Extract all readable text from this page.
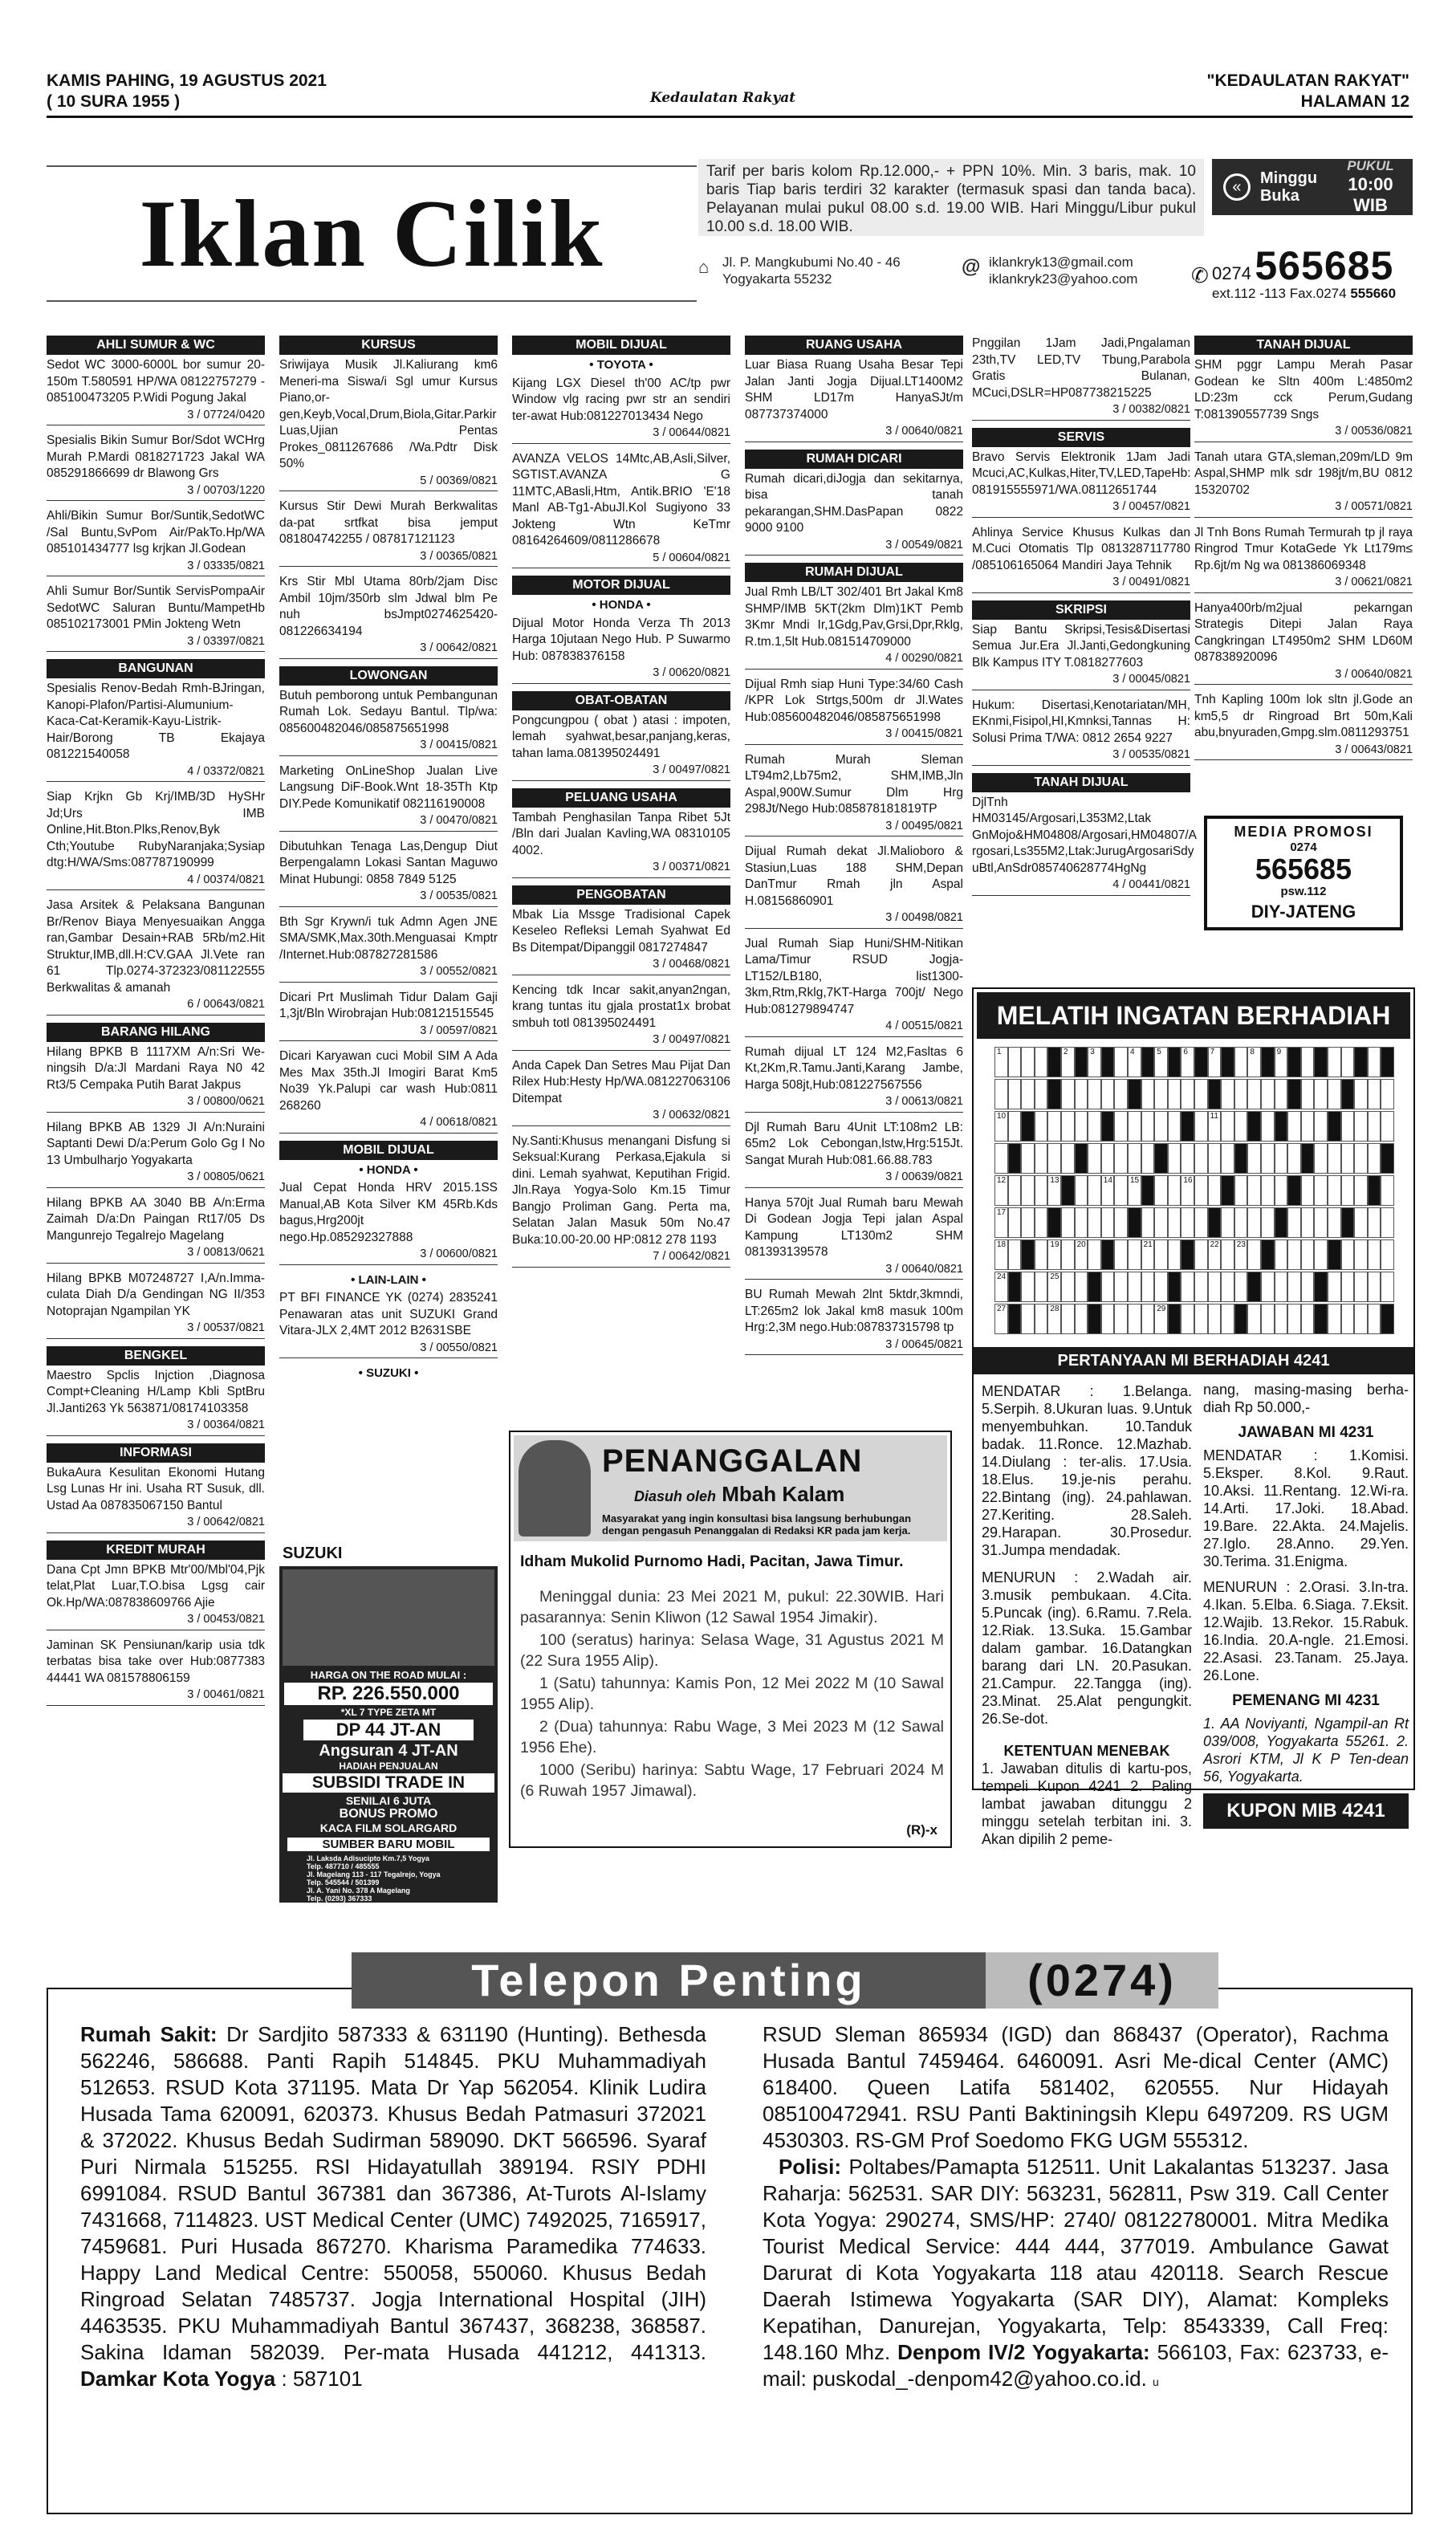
KAMIS PAHING, 19 AGUSTUS 2021
( 10 SURA 1955 )	Kedaulatan Rakyat
"KEDAULATAN RAKYAT"
HALAMAN 12
Iklan Cilik
Tarif per baris kolom Rp.12.000,- + PPN 10%. Min. 3 baris, mak. 10 baris Tiap baris terdiri 32 karakter (termasuk spasi dan tanda baca). Pelayanan mulai pukul 08.00 s.d. 19.00 WIB. Hari Minggu/Libur pukul 10.00 s.d. 18.00 WIB.
«	Minggu
Buka
PUKUL
10:00 WIB
⌂ Jl. P. Mangkubumi No.40 - 46
Yogyakarta 55232
@ iklankryk13@gmail.com
iklankryk23@yahoo.com	✆ 0274 565685
ext.112 -113 Fax.0274 555660
AHLI SUMUR & WC

Sedot WC 3000-6000L bor sumur 20-150m T.580591 HP/WA 08122757279 - 085100473205 P.Widi Pogung Jakal

3 / 07724/0420

Spesialis Bikin Sumur Bor/Sdot WCHrg Murah P.Mardi 0818271723 Jakal WA 085291866699 dr Blawong Grs

3 / 00703/1220

Ahli/Bikin Sumur Bor/Suntik,SedotWC /Sal Buntu,SvPom Air/PakTo.Hp/WA 085101434777 lsg krjkan Jl.Godean

3 / 03335/0821

Ahli Sumur Bor/Suntik ServisPompaAir SedotWC Saluran Buntu/MampetHb 085102173001 PMin Jokteng Wetn

3 / 03397/0821
BANGUNAN

Spesialis Renov-Bedah Rmh-BJringan, Kanopi-Plafon/Partisi-Alumunium-Kaca-Cat-Keramik-Kayu-Listrik-Hair/Borong TB Ekajaya 081221540058

4 / 03372/0821

Siap Krjkn Gb Krj/IMB/3D HySHr Jd;Urs IMB Online,Hit.Bton.Plks,Renov,Byk Cth;Youtube RubyNaranjaka;Sysiap dtg:H/WA/Sms:087787190999

4 / 00374/0821

Jasa Arsitek & Pelaksana Bangunan Br/Renov Biaya Menyesuaikan Angga ran,Gambar Desain+RAB 5Rb/m2.Hit Struktur,IMB,dll.H:CV.GAA Jl.Vete ran 61 Tlp.0274-372323/081122555 Berkwalitas & amanah

6 / 00643/0821
BARANG HILANG

Hilang BPKB B 1117XM A/n:Sri We-ningsih D/a:Jl Mardani Raya N0 42 Rt3/5 Cempaka Putih Barat Jakpus

3 / 00800/0621

Hilang BPKB AB 1329 JI A/n:Nuraini Saptanti Dewi D/a:Perum Golo Gg I No 13 Umbulharjo Yogyakarta

3 / 00805/0621

Hilang BPKB AA 3040 BB A/n:Erma Zaimah D/a:Dn Paingan Rt17/05 Ds Mangunrejo Tegalrejo Magelang

3 / 00813/0621

Hilang BPKB M07248727 I,A/n.Imma-culata Diah D/a Gendingan NG II/353 Notoprajan Ngampilan YK

3 / 00537/0821
BENGKEL

Maestro Spclis Injction ,Diagnosa Compt+Cleaning H/Lamp Kbli SptBru Jl.Janti263 Yk 563871/08174103358

3 / 00364/0821
INFORMASI

BukaAura Kesulitan Ekonomi Hutang Lsg Lunas Hr ini. Usaha RT Susuk, dll. Ustad Aa 087835067150 Bantul

3 / 00642/0821
KREDIT MURAH

Dana Cpt Jmn BPKB Mtr'00/Mbl'04,Pjk telat,Plat Luar,T.O.bisa Lgsg cair Ok.Hp/WA:087838609766 Ajie

3 / 00453/0821

Jaminan SK Pensiunan/karip usia tdk terbatas bisa take over Hub:0877383 44441 WA 081578806159

3 / 00461/0821
KURSUS

Sriwijaya Musik Jl.Kaliurang km6 Meneri-ma Siswa/i Sgl umur Kursus Piano,or-gen,Keyb,Vocal,Drum,Biola,Gitar.Parkir Luas,Ujian Pentas Prokes_0811267686 /Wa.Pdtr Disk 50%

5 / 00369/0821

Kursus Stir Dewi Murah Berkwalitas da-pat srtfkat bisa jemput 081804742255 / 087817121123

3 / 00365/0821

Krs Stir Mbl Utama 80rb/2jam Disc Ambil 10jm/350rb slm Jdwal blm Pe nuh bsJmpt0274625420-081226634194

3 / 00642/0821
LOWONGAN

Butuh pemborong untuk Pembangunan Rumah Lok. Sedayu Bantul. Tlp/wa: 085600482046/085875651998

3 / 00415/0821

Marketing OnLineShop Jualan Live Langsung DiF-Book.Wnt 18-35Th Ktp DIY.Pede Komunikatif 082116190008

3 / 00470/0821

Dibutuhkan Tenaga Las,Dengup Diut Berpengalamn Lokasi Santan Maguwo Minat Hubungi: 0858 7849 5125

3 / 00535/0821

Bth Sgr Krywn/i tuk Admn Agen JNE SMA/SMK,Max.30th.Menguasai Kmptr /Internet.Hub:087827281586

3 / 00552/0821

Dicari Prt Muslimah Tidur Dalam Gaji 1,3jt/Bln Wirobrajan Hub:08121515545

3 / 00597/0821

Dicari Karyawan cuci Mobil SIM A Ada Mes Max 35th.Jl Imogiri Barat Km5 No39 Yk.Palupi car wash Hub:0811 268260

4 / 00618/0821
MOBIL DIJUAL
• HONDA •

Jual Cepat Honda HRV 2015.1SS Manual,AB Kota Silver KM 45Rb.Kds bagus,Hrg200jt nego.Hp.085292327888

3 / 00600/0821
• LAIN-LAIN •

PT BFI FINANCE YK (0274) 2835241 Penawaran atas unit SUZUKI Grand Vitara-JLX 2,4MT 2012 B2631SBE

3 / 00550/0821
• SUZUKI •
MOBIL DIJUAL
• TOYOTA •

Kijang LGX Diesel th'00 AC/tp pwr Window vlg racing pwr str an sendiri ter-awat Hub:081227013434 Nego

3 / 00644/0821

AVANZA VELOS 14Mtc,AB,Asli,Silver, SGTIST.AVANZA G 11MTC,ABasli,Htm, Antik.BRIO 'E'18 Manl AB-Tg1-AbuJl.Kol Sugiyono 33 Jokteng Wtn KeTmr 08164264609/0811286678

5 / 00604/0821
MOTOR DIJUAL
• HONDA •

Dijual Motor Honda Verza Th 2013 Harga 10jutaan Nego Hub. P Suwarmo Hub: 087838376158

3 / 00620/0821
OBAT-OBATAN

Pongcungpou ( obat ) atasi : impoten, lemah syahwat,besar,panjang,keras, tahan lama.081395024491

3 / 00497/0821
PELUANG USAHA

Tambah Penghasilan Tanpa Ribet 5Jt /Bln dari Jualan Kavling,WA 08310105 4002.

3 / 00371/0821
PENGOBATAN

Mbak Lia Mssge Tradisional Capek Keseleo Refleksi Lemah Syahwat Ed Bs Ditempat/Dipanggil 0817274847

3 / 00468/0821

Kencing tdk Incar sakit,anyan2ngan, krang tuntas itu gjala prostat1x brobat smbuh totl 081395024491

3 / 00497/0821

Anda Capek Dan Setres Mau Pijat Dan Rilex Hub:Hesty Hp/WA.081227063106 Ditempat

3 / 00632/0821

Ny.Santi:Khusus menangani Disfung si Seksual:Kurang Perkasa,Ejakula si dini. Lemah syahwat, Keputihan Frigid. Jln.Raya Yogya-Solo Km.15 Timur Bangjo Proliman Gang. Perta ma, Selatan Jalan Masuk 50m No.47 Buka:10.00-20.00 HP:0812 278 1193

7 / 00642/0821
RUANG USAHA

Luar Biasa Ruang Usaha Besar Tepi Jalan Janti Jogja Dijual.LT1400M2 SHM LD17m HanyaSJt/m 087737374000

3 / 00640/0821
RUMAH DICARI

Rumah dicari,diJogja dan sekitarnya, bisa tanah pekarangan,SHM.DasPapan 0822 9000 9100

3 / 00549/0821
RUMAH DIJUAL

Jual Rmh LB/LT 302/401 Brt Jakal Km8 SHMP/IMB 5KT(2km Dlm)1KT Pemb 3Kmr Mndi Ir,1Gdg,Pav,Grsi,Dpr,Rklg, R.tm.1,5lt Hub.081514709000

4 / 00290/0821

Dijual Rmh siap Huni Type:34/60 Cash /KPR Lok Strtgs,500m dr Jl.Wates Hub:085600482046/085875651998

3 / 00415/0821

Rumah Murah Sleman LT94m2,Lb75m2, SHM,IMB,Jln Aspal,900W.Sumur Dlm Hrg 298Jt/Nego Hub:085878181819TP

3 / 00495/0821

Dijual Rumah dekat Jl.Malioboro & Stasiun,Luas 188 SHM,Depan DanTmur Rmah jln Aspal H.08156860901

3 / 00498/0821

Jual Rumah Siap Huni/SHM-Nitikan Lama/Timur RSUD Jogja-LT152/LB180, list1300-3km,Rtm,Rklg,7KT-Harga 700jt/ Nego Hub:081279894747

4 / 00515/0821

Rumah dijual LT 124 M2,Fasltas 6 Kt,2Km,R.Tamu.Janti,Karang Jambe, Harga 508jt,Hub:081227567556

3 / 00613/0821

Djl Rumah Baru 4Unit LT:108m2 LB: 65m2 Lok Cebongan,lstw,Hrg:515Jt. Sangat Murah Hub:081.66.88.783

3 / 00639/0821

Hanya 570jt Jual Rumah baru Mewah Di Godean Jogja Tepi jalan Aspal Kampung LT130m2 SHM 081393139578

3 / 00640/0821

BU Rumah Mewah 2lnt 5ktdr,3kmndi, LT:265m2 lok Jakal km8 masuk 100m Hrg:2,3M nego.Hub:087837315798 tp

3 / 00645/0821

Pnggilan 1Jam Jadi,Pngalaman 23th,TV LED,TV Tbung,Parabola Gratis Bulanan, MCuci,DSLR=HP087738215225

3 / 00382/0821
SERVIS

Bravo Servis Elektronik 1Jam Jadi Mcuci,AC,Kulkas,Hiter,TV,LED,TapeHb: 081915555971/WA.08112651744

3 / 00457/0821

Ahlinya Service Khusus Kulkas dan M.Cuci Otomatis Tlp 0813287117780 /085106165064 Mandiri Jaya Tehnik

3 / 00491/0821
SKRIPSI

Siap Bantu Skripsi,Tesis&Disertasi Semua Jur.Era Jl.Janti,Gedongkuning Blk Kampus ITY T.0818277603

3 / 00045/0821

Hukum: Disertasi,Kenotariatan/MH, EKnmi,Fisipol,HI,Kmnksi,Tannas H: Solusi Prima T/WA: 0812 2654 9227

3 / 00535/0821
TANAH DIJUAL

DjlTnh HM03145/Argosari,L353M2,Ltak GnMojo&HM04808/Argosari,HM04807/A rgosari,Ls355M2,Ltak:JurugArgosariSdy uBtl,AnSdr085740628774HgNg

4 / 00441/0821
TANAH DIJUAL

SHM pggr Lampu Merah Pasar Godean ke Sltn 400m L:4850m2 LD:23m cck Perum,Gudang T:081390557739 Sngs

3 / 00536/0821

Tanah utara GTA,sleman,209m/LD 9m Aspal,SHMP mlk sdr 198jt/m,BU 0812 15320702

3 / 00571/0821

Jl Tnh Bons Rumah Termurah tp jl raya Ringrod Tmur KotaGede Yk Lt179m≤ Rp.6jt/m Ng wa 081386069348

3 / 00621/0821

Hanya400rb/m2jual pekarngan Strategis Ditepi Jalan Raya Cangkringan LT4950m2 SHM LD60M 087838920096

3 / 00640/0821

Tnh Kapling 100m lok sltn jl.Gode an km5,5 dr Ringroad Brt 50m,Kali abu,bnyuraden,Gmpg.slm.0811293751

3 / 00643/0821
MEDIA PROMOSI
0274
565685
psw.112
DIY-JATENG
SUZUKI
HARGA ON THE ROAD MULAI :
RP. 226.550.000
*XL 7 TYPE ZETA MT
DP 44 JT-AN
Angsuran 4 JT-AN
HADIAH PENJUALAN
SUBSIDI TRADE IN
SENILAI 6 JUTA
BONUS PROMO
KACA FILM SOLARGARD
SUMBER BARU MOBIL
Jl. Laksda Adisucipto Km.7,5 Yogya
Telp. 487710 / 485555
Jl. Magelang 113 - 117 Tegalrejo, Yogya
Telp. 545544 / 501399
Jl. A. Yani No. 378 A Magelang
Telp. (0293) 367333
Jl. Gerilya Timur No. 23 Purwokerto
Telp. (0281) 6579777
PENANGGALAN
Diasuh oleh Mbah Kalam
Masyarakat yang ingin konsultasi bisa langsung berhubungan dengan pengasuh Penanggalan di Redaksi KR pada jam kerja.
Idham Mukolid Purnomo Hadi, Pacitan, Jawa Timur.

Meninggal dunia: 23 Mei 2021 M, pukul: 22.30WIB. Hari pasarannya: Senin Kliwon (12 Sawal 1954 Jimakir).

100 (seratus) harinya: Selasa Wage, 31 Agustus 2021 M (22 Sura 1955 Alip).

1 (Satu) tahunnya: Kamis Pon, 12 Mei 2022 M (10 Sawal 1955 Alip).

2 (Dua) tahunnya: Rabu Wage, 3 Mei 2023 M (12 Sawal 1956 Ehe).

1000 (Seribu) harinya: Sabtu Wage, 17 Februari 2024 M (6 Ruwah 1957 Jimawal).

(R)-x
MELATIH INGATAN BERHADIAH
1	2	3	4	5	6	7	8	9
10	11
12	13	14 15	16
17
18	19 20	21	22 23
24	25	26
27	28	29
PERTANYAAN MI BERHADIAH 4241
MENDATAR : 1.Belanga. 5.Serpih. 8.Ukuran luas. 9.Untuk menyembuhkan. 10.Tanduk badak. 11.Ronce. 12.Mazhab. 14.Diulang : ter-alis. 17.Usia. 18.Elus. 19.je-nis perahu. 22.Bintang (ing). 24.pahlawan. 27.Keriting. 28.Saleh. 29.Harapan. 30.Prosedur. 31.Jumpa mendadak.
MENURUN : 2.Wadah air. 3.musik pembukaan. 4.Cita. 5.Puncak (ing). 6.Ramu. 7.Rela. 12.Riak. 13.Suka. 15.Gambar dalam gambar. 16.Datangkan barang dari LN. 20.Pasukan. 21.Campur. 22.Tangga (ing). 23.Minat. 25.Alat pengungkit. 26.Se-dot.
KETENTUAN MENEBAK
1. Jawaban ditulis di kartu-pos, tempeli Kupon 4241 2. Paling lambat jawaban ditunggu 2 minggu setelah terbitan ini. 3. Akan dipilih 2 peme-
nang, masing-masing berha-diah Rp 50.000,-
JAWABAN MI 4231
MENDATAR : 1.Komisi. 5.Eksper. 8.Kol. 9.Raut. 10.Aksi. 11.Rentang. 12.Wi-ra. 14.Arti. 17.Joki. 18.Abad. 19.Bare. 22.Akta. 24.Majelis. 27.Iglo. 28.Anno. 29.Yen. 30.Terima. 31.Enigma.
MENURUN : 2.Orasi. 3.In-tra. 4.Ikan. 5.Elba. 6.Siaga. 7.Eksit. 12.Wajib. 13.Rekor. 15.Rabuk. 16.India. 20.A-ngle. 21.Emosi. 22.Asasi. 23.Tanam. 25.Jaya. 26.Lone.
PEMENANG MI 4231
1. AA Noviyanti, Ngampil-an Rt 039/008, Yogyakarta 55261. 2. Asrori KTM, Jl K P Ten-dean 56, Yogyakarta.
KUPON MIB 4241
Rumah Sakit: Dr Sardjito 587333 & 631190 (Hunting). Bethesda 562246, 586688. Panti Rapih 514845. PKU Muhammadiyah 512653. RSUD Kota 371195. Mata Dr Yap 562054. Klinik Ludira Husada Tama 620091, 620373. Khusus Bedah Patmasuri 372021 & 372022. Khusus Bedah Sudirman 589090. DKT 566596. Syaraf Puri Nirmala 515255. RSI Hidayatullah 389194. RSIY PDHI 6991084. RSUD Bantul 367381 dan 367386, At-Turots Al-Islamy 7431668, 7114823. UST Medical Center (UMC) 7492025, 7165917, 7459681. Puri Husada 867270. Kharisma Paramedika 774633. Happy Land Medical Centre: 550058, 550060. Khusus Bedah Ringroad Selatan 7485737. Jogja International Hospital (JIH) 4463535. PKU Muhammadiyah Bantul 367437, 368238, 368587. Sakina Idaman 582039. Per-mata Husada 441212, 441313. Damkar Kota Yogya : 587101
RSUD Sleman 865934 (IGD) dan 868437 (Operator), Rachma Husada Bantul 7459464. 6460091. Asri Me-dical Center (AMC) 618400. Queen Latifa 581402, 620555. Nur Hidayah 085100472941. RSU Panti Baktiningsih Klepu 6497209. RS UGM 4530303. RS-GM Prof Soedomo FKG UGM 555312.
Polisi: Poltabes/Pamapta 512511. Unit Lakalantas 513237. Jasa Raharja: 562531. SAR DIY: 563231, 562811, Psw 319. Call Center Kota Yogya: 290274, SMS/HP: 2740/ 08122780001. Mitra Medika Tourist Medical Service: 444 444, 377019. Ambulance Gawat Darurat di Kota Yogyakarta 118 atau 420118. Search Rescue Daerah Istimewa Yogyakarta (SAR DIY), Alamat: Kompleks Kepatihan, Danurejan, Yogyakarta, Telp: 8543339, Call Freq: 148.160 Mhz. Denpom IV/2 Yogyakarta: 566103, Fax: 623733, e-mail: puskodal_-denpom42@yahoo.co.id. u
Telepon Penting	(0274)
